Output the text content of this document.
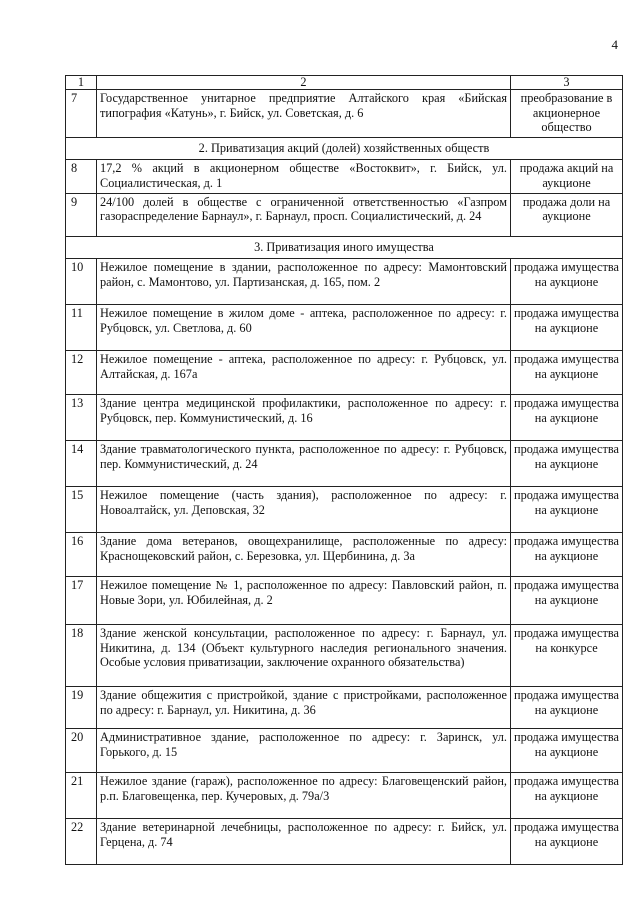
4
1	2	3
7	Государственное унитарное предприятие Алтайского края «Бийская типография «Катунь», г. Бийск, ул. Советская, д. 6	преобразование в акционерное общество
2. Приватизация акций (долей) хозяйственных обществ		
8	17,2 % акций в акционерном обществе «Востоквит», г. Бийск, ул. Социалистическая, д. 1	продажа акций на аукционе
9	24/100 долей в обществе с ограниченной ответственностью «Газпром газораспределение Барнаул», г. Барнаул, просп. Социалистический, д. 24	продажа доли на аукционе
3. Приватизация иного имущества		
10	Нежилое помещение в здании, расположенное по адресу: Мамонтовский район, с. Мамонтово, ул. Партизанская, д. 165, пом. 2	продажа имущества на аукционе
11	Нежилое помещение в жилом доме - аптека, расположенное по адресу: г. Рубцовск, ул. Светлова, д. 60	продажа имущества на аукционе
12	Нежилое помещение - аптека, расположенное по адресу: г. Рубцовск, ул. Алтайская, д. 167а	продажа имущества на аукционе
13	Здание центра медицинской профилактики, расположенное по адресу: г. Рубцовск, пер. Коммунистический, д. 16	продажа имущества на аукционе
14	Здание травматологического пункта, расположенное по адресу: г. Рубцовск, пер. Коммунистический, д. 24	продажа имущества на аукционе
15	Нежилое помещение (часть здания), расположенное по адресу: г. Новоалтайск, ул. Деповская, 32	продажа имущества на аукционе
16	Здание дома ветеранов, овощехранилище, расположенные по адресу: Краснощековский район, с. Березовка, ул. Щербинина, д. 3а	продажа имущества на аукционе
17	Нежилое помещение № 1, расположенное по адресу: Павловский район, п. Новые Зори, ул. Юбилейная, д. 2	продажа имущества на аукционе
18	Здание женской консультации, расположенное по адресу: г. Барнаул, ул. Никитина, д. 134 (Объект культурного наследия регионального значения. Особые условия приватизации, заключение охранного обязательства)	продажа имущества на конкурсе
19	Здание общежития с пристройкой, здание с пристройками, расположенное по адресу: г. Барнаул, ул. Никитина, д. 36	продажа имущества на аукционе
20	Административное здание, расположенное по адресу: г. Заринск, ул. Горького, д. 15	продажа имущества на аукционе
21	Нежилое здание (гараж), расположенное по адресу: Благовещенский район, р.п. Благовещенка, пер. Кучеровых, д. 79а/3	продажа имущества на аукционе
22	Здание ветеринарной лечебницы, расположенное по адресу: г. Бийск, ул. Герцена, д. 74	продажа имущества на аукционе
